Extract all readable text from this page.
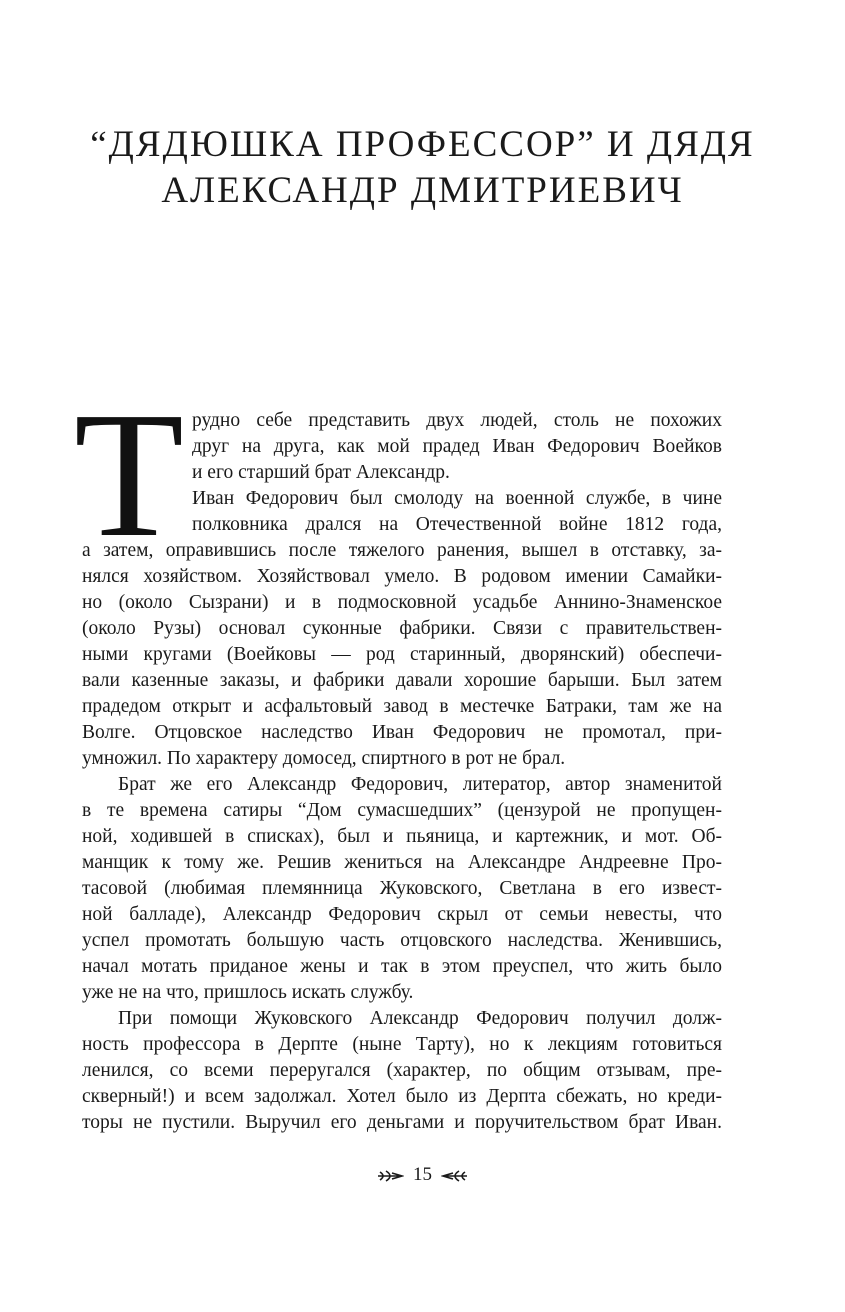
“ДЯДЮШКА ПРОФЕССОР” И ДЯДЯ
АЛЕКСАНДР ДМИТРИЕВИЧ
Т рудно себе представить двух людей, столь не похожих
друг на друга, как мой прадед Иван Федорович Воейков
и его старший брат Александр.
Иван Федорович был смолоду на военной службе, в чине
полковника дрался на Отечественной войне 1812 года,
а затем, оправившись после тяжелого ранения, вышел в отставку, за-
нялся хозяйством. Хозяйствовал умело. В родовом имении Самайки-
но (около Сызрани) и в подмосковной усадьбе Аннино-Знаменское
(около Рузы) основал суконные фабрики. Связи с правительствен-
ными кругами (Воейковы — род старинный, дворянский) обеспечи-
вали казенные заказы, и фабрики давали хорошие барыши. Был затем
прадедом открыт и асфальтовый завод в местечке Батраки, там же на
Волге. Отцовское наследство Иван Федорович не промотал, при-
умножил. По характеру домосед, спиртного в рот не брал.
Брат же его Александр Федорович, литератор, автор знаменитой
в те времена сатиры “Дом сумасшедших” (цензурой не пропущен-
ной, ходившей в списках), был и пьяница, и картежник, и мот. Об-
манщик к тому же. Решив жениться на Александре Андреевне Про-
тасовой (любимая племянница Жуковского, Светлана в его извест-
ной балладе), Александр Федорович скрыл от семьи невесты, что
успел промотать большую часть отцовского наследства. Женившись,
начал мотать приданое жены и так в этом преуспел, что жить было
уже не на что, пришлось искать службу.
При помощи Жуковского Александр Федорович получил долж-
ность профессора в Дерпте (ныне Тарту), но к лекциям готовиться
ленился, со всеми переругался (характер, по общим отзывам, пре-
скверный!) и всем задолжал. Хотел было из Дерпта сбежать, но креди-
торы не пустили. Выручил его деньгами и поручительством брат Иван.
15
